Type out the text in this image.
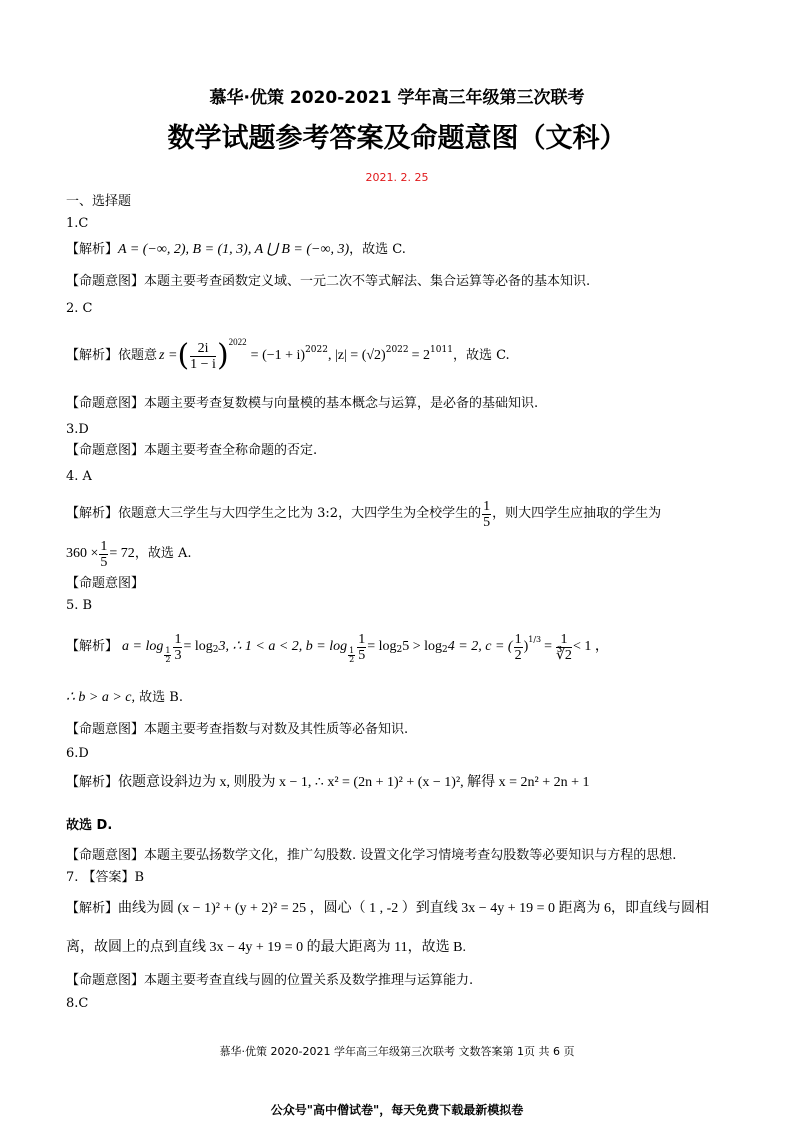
慕华·优策 2020-2021 学年高三年级第三次联考
数学试题参考答案及命题意图（文科）
2021. 2. 25
一、选择题
1.C
【解析】A = (−∞, 2), B = (1, 3), A ⋃ B = (−∞, 3)，故选 C.
【命题意图】本题主要考查函数定义域、一元二次不等式解法、集合运算等必备的基本知识.
2. C
【解析】 依题意 z = ( $\frac{2i}{1 - i} )^{2022}$
= $(-1 + i)^{2022}$ , $|z| = (√2)^{2022} = 2^{1011}$ ，故选 C.
【命题意图】本题主要考查复数模与向量模的基本概念与运算，是必备的基础知识.
3.D
【命题意图】本题主要考查全称命题的否定.
4. A
【解析】 依题意大三学生与大四学生之比为 3:2，大四学生为全校学生的 $\frac{1}{5}$ ，则大四学生应抽取的学生为
$360 \times \frac{1}{5} = 72$ ，故选 A.
【命题意图】
5. B
【解析】 a = log
$\frac{1}{2} \frac{1}{3} = \log_2 3$, ∴ 1 < a < 2, b = log
$\frac{1}{2} \frac{1}{5} = \log_2 5 > \log_2 4 = 2$, c = ( $\frac{1}{2} )^{1/3} = \frac{1}{∛2} < 1$ ，
∴ b > a > c, 故选 B.
【命题意图】本题主要考查指数与对数及其性质等必备知识.
6.D
【解析】依题意设斜边为 x, 则股为 x − 1, ∴ x² = (2n + 1)² + (x − 1)², 解得 x = 2n² + 2n + 1
故选 D.
【命题意图】本题主要弘扬数学文化，推广勾股数. 设置文化学习情境考查勾股数等必要知识与方程的思想.
7. 【答案】B
【解析】曲线为圆 (x − 1)² + (y + 2)² = 25 ，圆心（ 1 , -2 ）到直线 3x − 4y + 19 = 0 距离为 6，即直线与圆相
离，故圆上的点到直线 3x − 4y + 19 = 0 的最大距离为 11，故选 B.
【命题意图】本题主要考查直线与圆的位置关系及数学推理与运算能力.
8.C
慕华·优策 2020-2021 学年高三年级第三次联考 文数答案第 1页 共 6 页
公众号"高中僧试卷"，每天免费下载最新模拟卷
